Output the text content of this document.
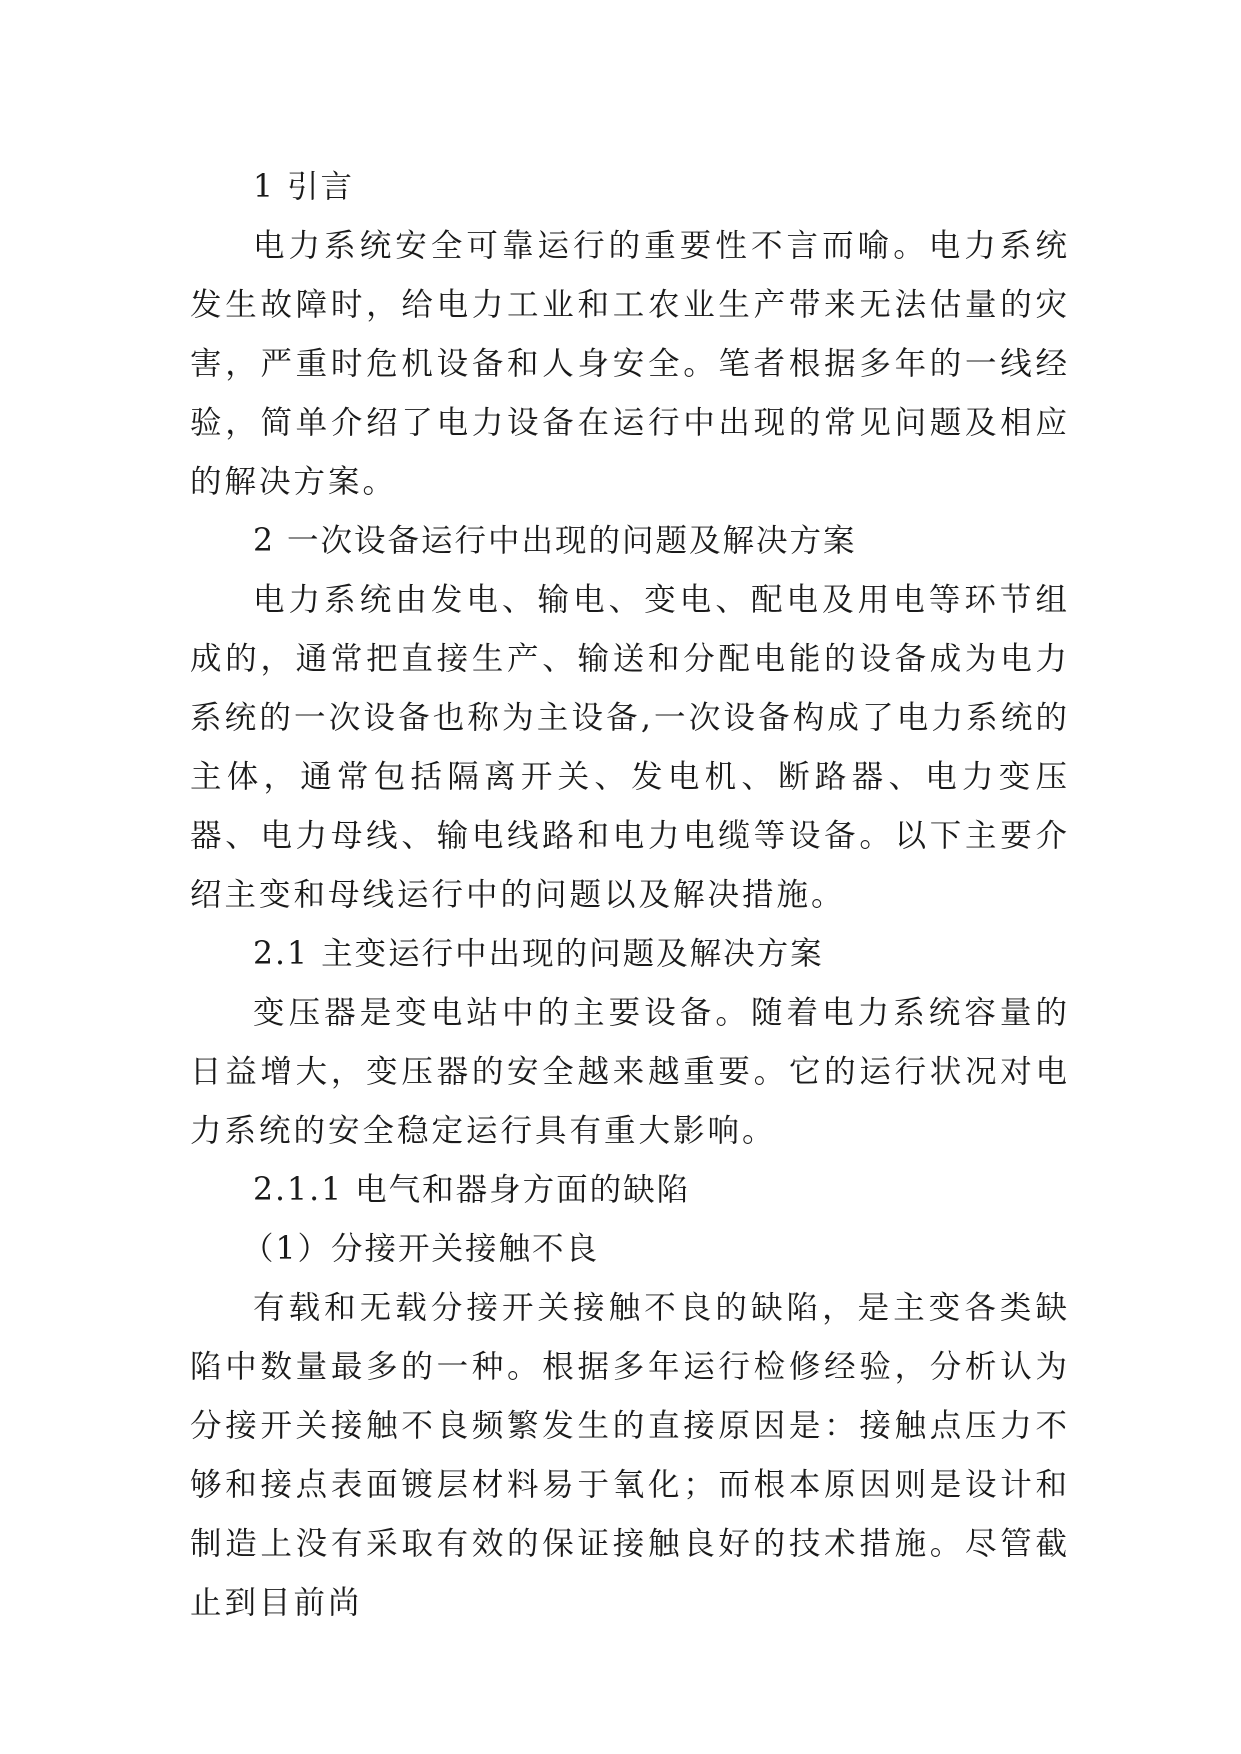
1 引言

电力系统安全可靠运行的重要性不言而喻。电力系统发生故障时，给电力工业和工农业生产带来无法估量的灾害，严重时危机设备和人身安全。笔者根据多年的一线经验，简单介绍了电力设备在运行中出现的常见问题及相应的解决方案。

2 一次设备运行中出现的问题及解决方案

电力系统由发电、输电、变电、配电及用电等环节组成的，通常把直接生产、输送和分配电能的设备成为电力系统的一次设备也称为主设备,一次设备构成了电力系统的主体，通常包括隔离开关、发电机、断路器、电力变压器、电力母线、输电线路和电力电缆等设备。以下主要介绍主变和母线运行中的问题以及解决措施。

2.1 主变运行中出现的问题及解决方案

变压器是变电站中的主要设备。随着电力系统容量的日益增大，变压器的安全越来越重要。它的运行状况对电力系统的安全稳定运行具有重大影响。

2.1.1 电气和器身方面的缺陷

（1）分接开关接触不良

有载和无载分接开关接触不良的缺陷，是主变各类缺陷中数量最多的一种。根据多年运行检修经验，分析认为分接开关接触不良频繁发生的直接原因是：接触点压力不够和接点表面镀层材料易于氧化；而根本原因则是设计和制造上没有采取有效的保证接触良好的技术措施。尽管截止到目前尚
